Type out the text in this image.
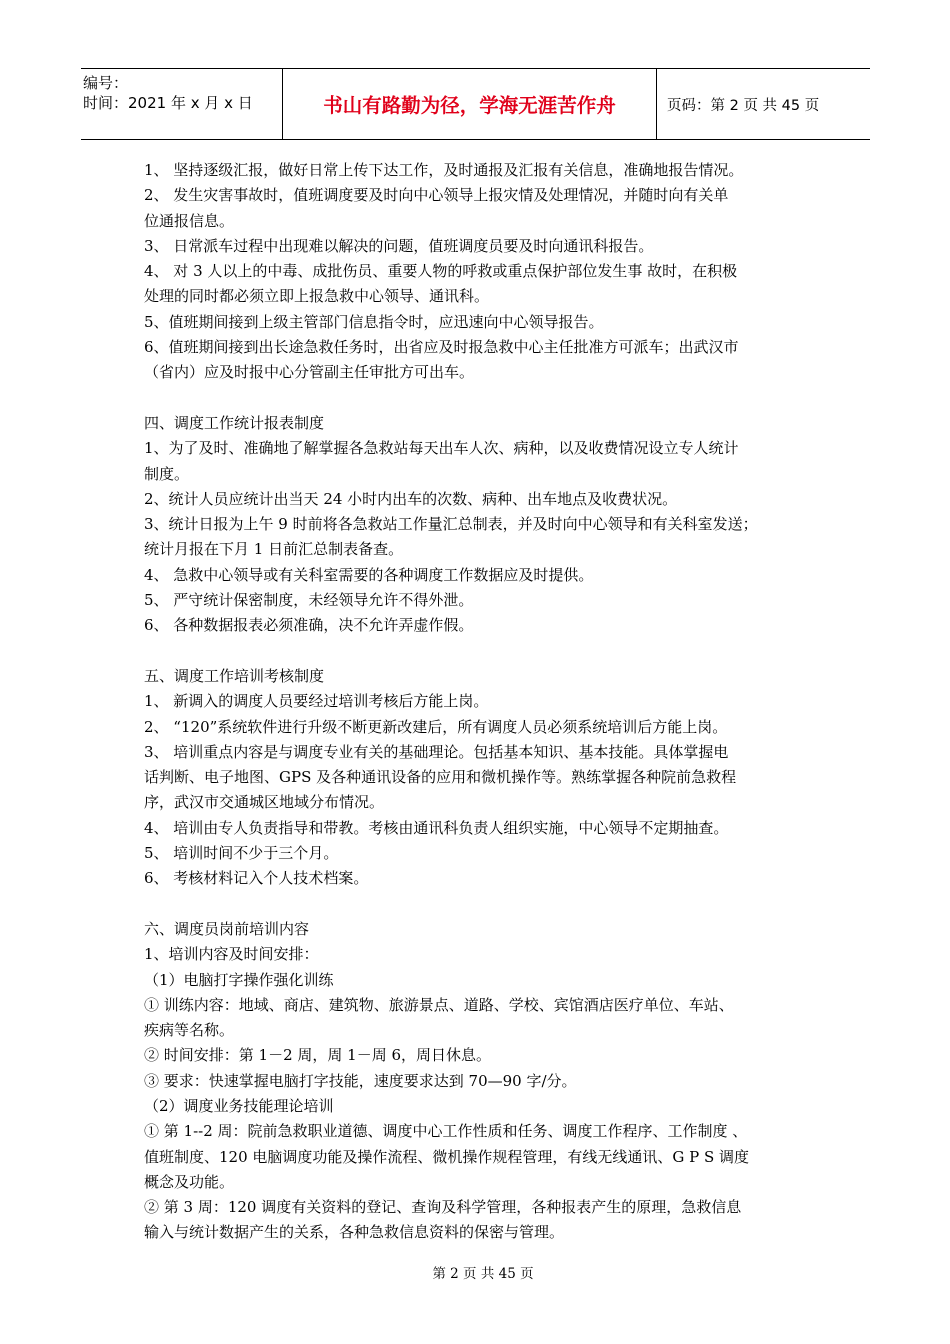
编号：
时间：2021 年 x 月 x 日	书山有路勤为径，学海无涯苦作舟	页码：第 2 页 共 45 页
1、 坚持逐级汇报，做好日常上传下达工作，及时通报及汇报有关信息，准确地报告情况。
2、 发生灾害事故时，值班调度要及时向中心领导上报灾情及处理情况，并随时向有关单
位通报信息。
3、 日常派车过程中出现难以解决的问题，值班调度员要及时向通讯科报告。
4、 对 3 人以上的中毒、成批伤员、重要人物的呼救或重点保护部位发生事 故时，在积极
处理的同时都必须立即上报急救中心领导、通讯科。
5、值班期间接到上级主管部门信息指令时，应迅速向中心领导报告。
6、值班期间接到出长途急救任务时，出省应及时报急救中心主任批准方可派车；出武汉市
（省内）应及时报中心分管副主任审批方可出车。
四、调度工作统计报表制度
1、为了及时、准确地了解掌握各急救站每天出车人次、病种，以及收费情况设立专人统计
制度。
2、统计人员应统计出当天 24 小时内出车的次数、病种、出车地点及收费状况。
3、统计日报为上午 9 时前将各急救站工作量汇总制表，并及时向中心领导和有关科室发送；
统计月报在下月 1 日前汇总制表备查。
4、 急救中心领导或有关科室需要的各种调度工作数据应及时提供。
5、 严守统计保密制度，未经领导允许不得外泄。
6、 各种数据报表必须准确，决不允许弄虚作假。
五、调度工作培训考核制度
1、 新调入的调度人员要经过培训考核后方能上岗。
2、 “120”系统软件进行升级不断更新改建后，所有调度人员必须系统培训后方能上岗。
3、 培训重点内容是与调度专业有关的基础理论。包括基本知识、基本技能。具体掌握电
话判断、电子地图、GPS 及各种通讯设备的应用和微机操作等。熟练掌握各种院前急救程
序，武汉市交通城区地域分布情况。
4、 培训由专人负责指导和带教。考核由通讯科负责人组织实施，中心领导不定期抽查。
5、 培训时间不少于三个月。
6、 考核材料记入个人技术档案。
六、调度员岗前培训内容
1、培训内容及时间安排：
（1）电脑打字操作强化训练
① 训练内容：地域、商店、建筑物、旅游景点、道路、学校、宾馆酒店医疗单位、车站、
疾病等名称。
② 时间安排：第 1－2 周，周 1－周 6，周日休息。
③ 要求：快速掌握电脑打字技能，速度要求达到 70—90 字/分。
（2）调度业务技能理论培训
① 第 1--2 周：院前急救职业道德、调度中心工作性质和任务、调度工作程序、工作制度 、
值班制度、120 电脑调度功能及操作流程、微机操作规程管理，有线无线通讯、G P S 调度
概念及功能。
② 第 3 周：120 调度有关资料的登记、查询及科学管理，各种报表产生的原理，急救信息
输入与统计数据产生的关系，各种急救信息资料的保密与管理。
第 2 页 共 45 页
